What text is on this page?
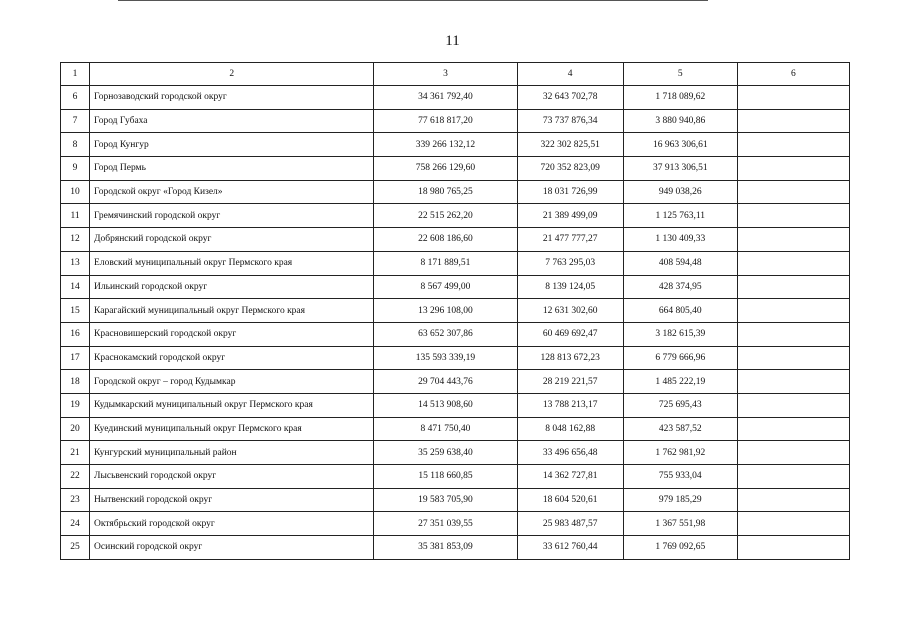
11
1	2	3	4	5	6
6	Горнозаводский городской округ	34 361 792,40	32 643 702,78	1 718 089,62	
7	Город Губаха	77 618 817,20	73 737 876,34	3 880 940,86	
8	Город Кунгур	339 266 132,12	322 302 825,51	16 963 306,61	
9	Город Пермь	758 266 129,60	720 352 823,09	37 913 306,51	
10	Городской округ «Город Кизел»	18 980 765,25	18 031 726,99	949 038,26	
11	Гремячинский городской округ	22 515 262,20	21 389 499,09	1 125 763,11	
12	Добрянский городской округ	22 608 186,60	21 477 777,27	1 130 409,33	
13	Еловский муниципальный округ Пермского края	8 171 889,51	7 763 295,03	408 594,48	
14	Ильинский городской округ	8 567 499,00	8 139 124,05	428 374,95	
15	Карагайский муниципальный округ Пермского края	13 296 108,00	12 631 302,60	664 805,40	
16	Красновишерский городской округ	63 652 307,86	60 469 692,47	3 182 615,39	
17	Краснокамский городской округ	135 593 339,19	128 813 672,23	6 779 666,96	
18	Городской округ – город Кудымкар	29 704 443,76	28 219 221,57	1 485 222,19	
19	Кудымкарский муниципальный округ Пермского края	14 513 908,60	13 788 213,17	725 695,43	
20	Куединский муниципальный округ Пермского края	8 471 750,40	8 048 162,88	423 587,52	
21	Кунгурский муниципальный район	35 259 638,40	33 496 656,48	1 762 981,92	
22	Лысьвенский городской округ	15 118 660,85	14 362 727,81	755 933,04	
23	Нытвенский городской округ	19 583 705,90	18 604 520,61	979 185,29	
24	Октябрьский городской округ	27 351 039,55	25 983 487,57	1 367 551,98	
25	Осинский городской округ	35 381 853,09	33 612 760,44	1 769 092,65	
